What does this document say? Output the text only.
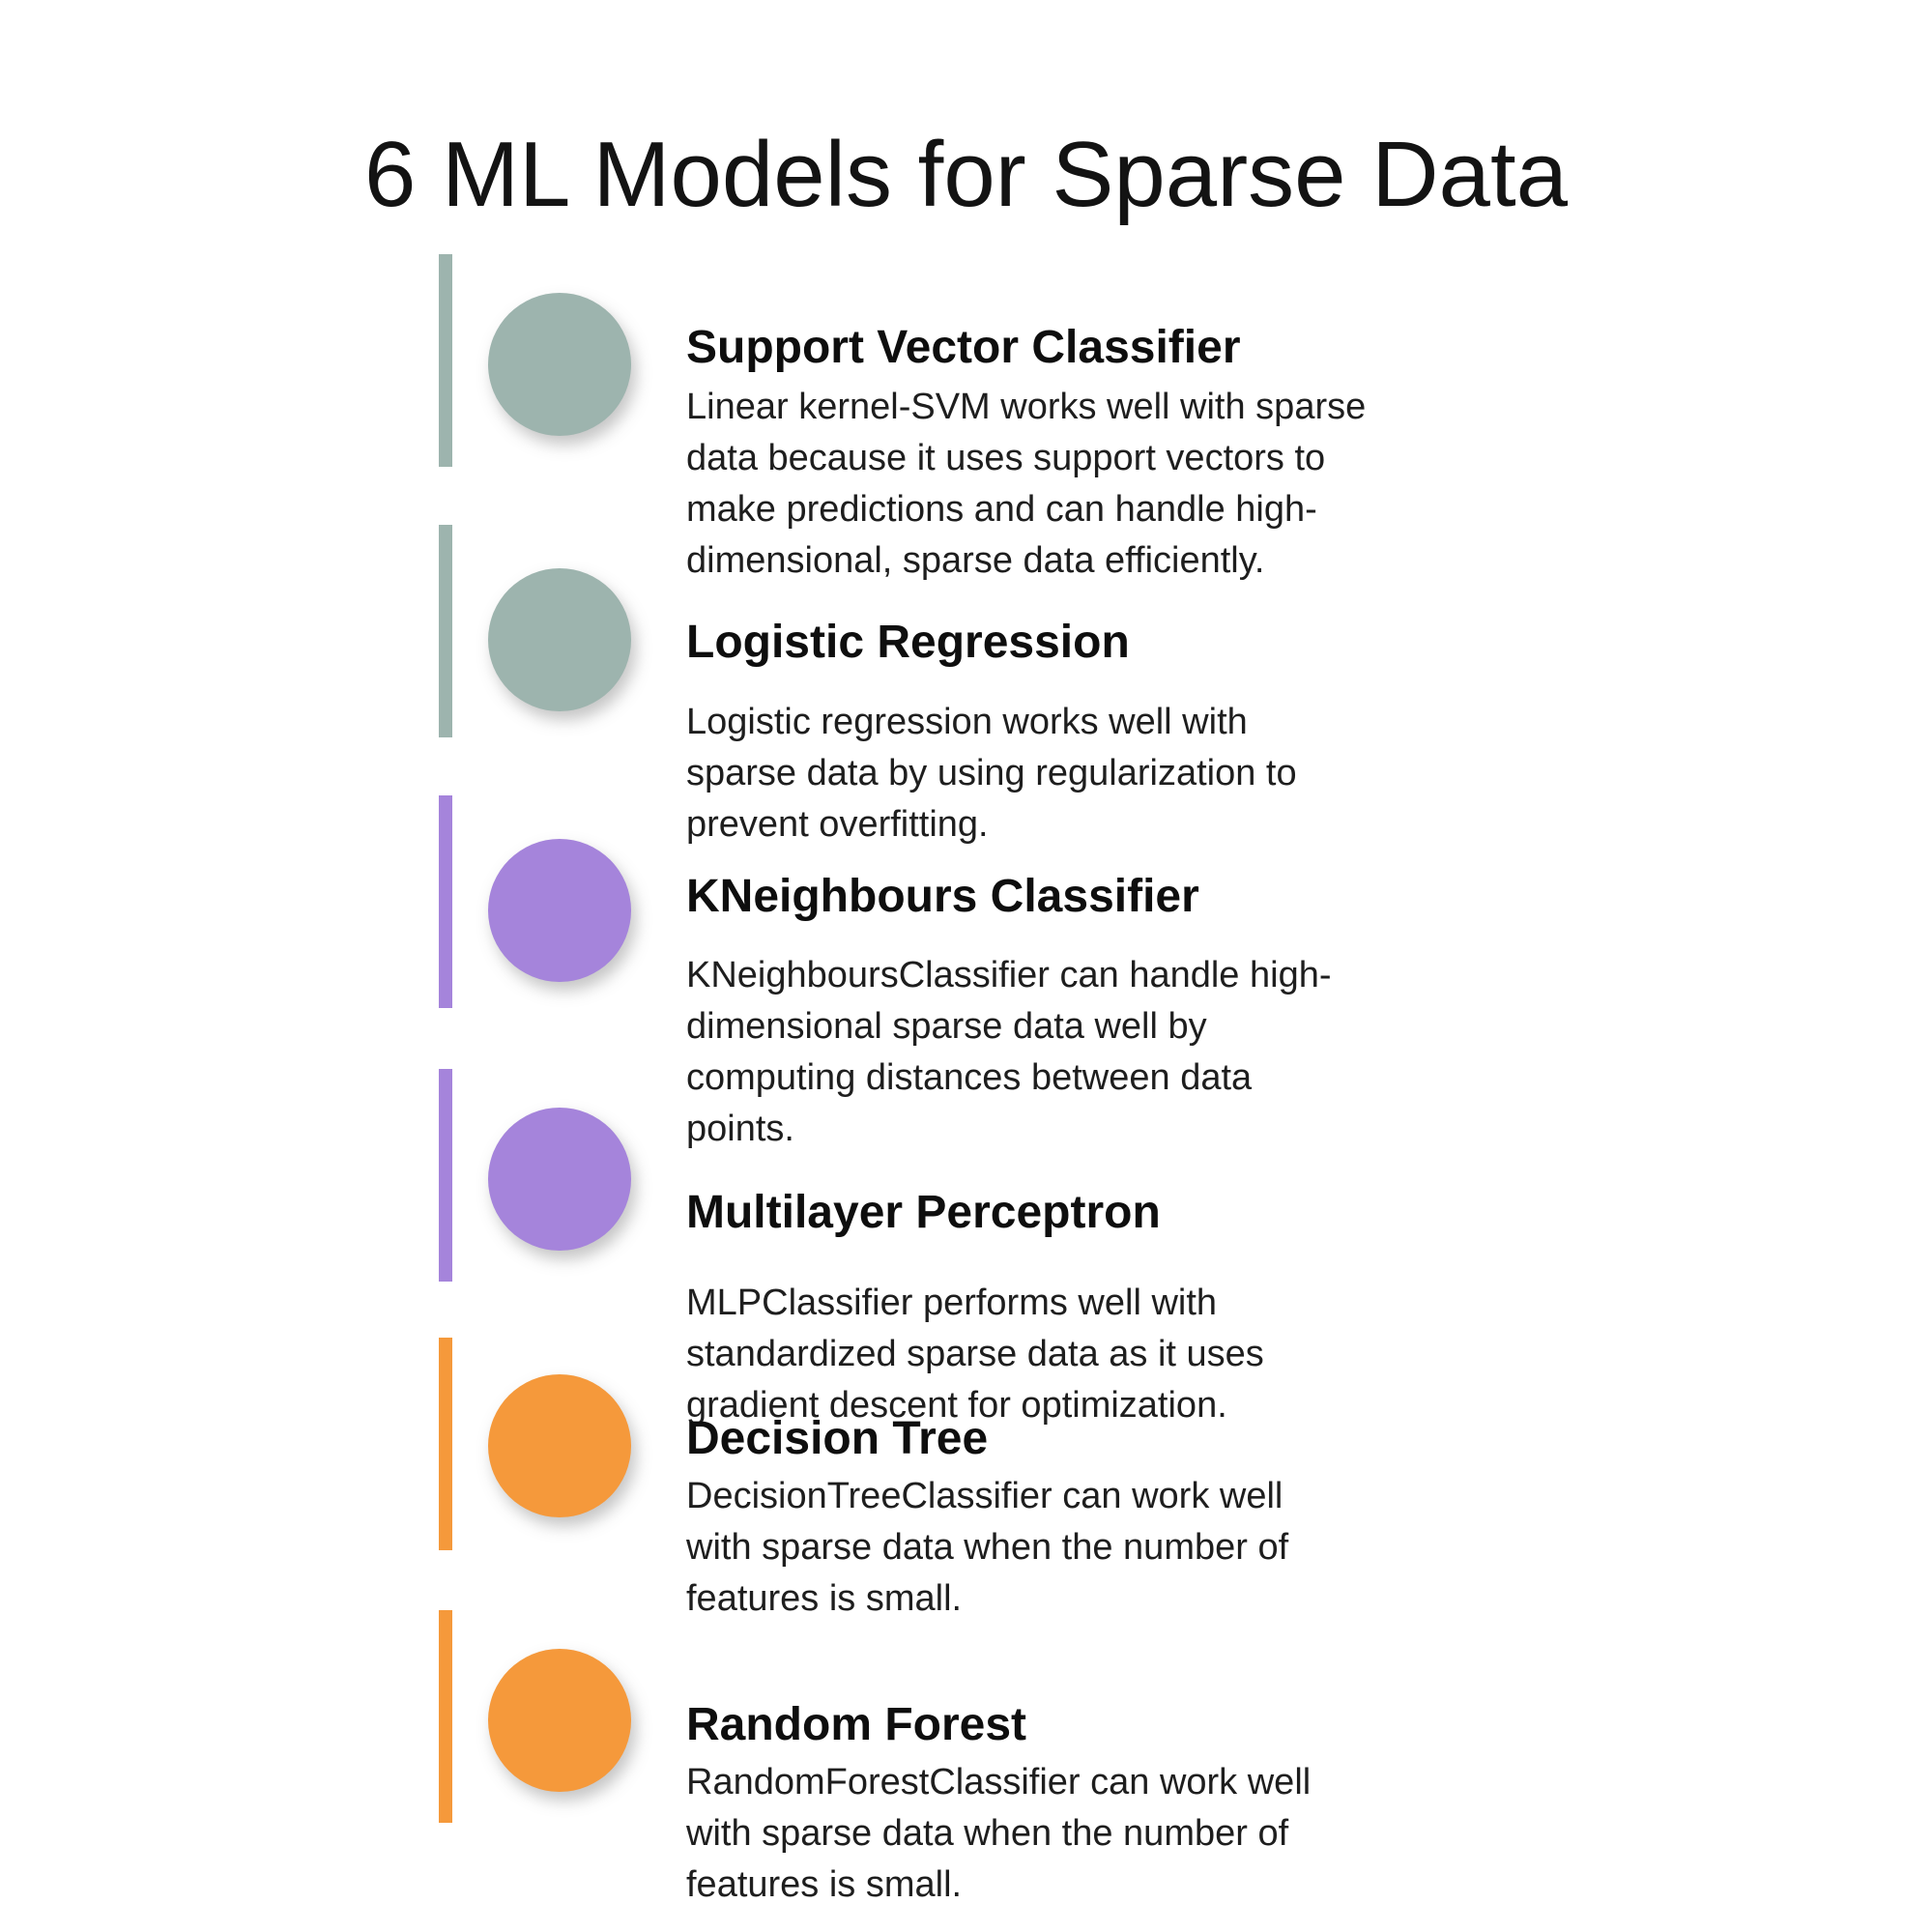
6 ML Models for Sparse Data
Support Vector Classifier

Linear kernel-SVM works well with sparse
data because it uses support vectors to
make predictions and can handle high-
dimensional, sparse data efficiently.

Logistic Regression

Logistic regression works well with
sparse data by using regularization to
prevent overfitting.

KNeighbours Classifier

KNeighboursClassifier can handle high-
dimensional sparse data well by
computing distances between data
points.

Multilayer Perceptron

MLPClassifier performs well with
standardized sparse data as it uses
gradient descent for optimization.

Decision Tree

DecisionTreeClassifier can work well
with sparse data when the number of
features is small.

Random Forest

RandomForestClassifier can work well
with sparse data when the number of
features is small.
